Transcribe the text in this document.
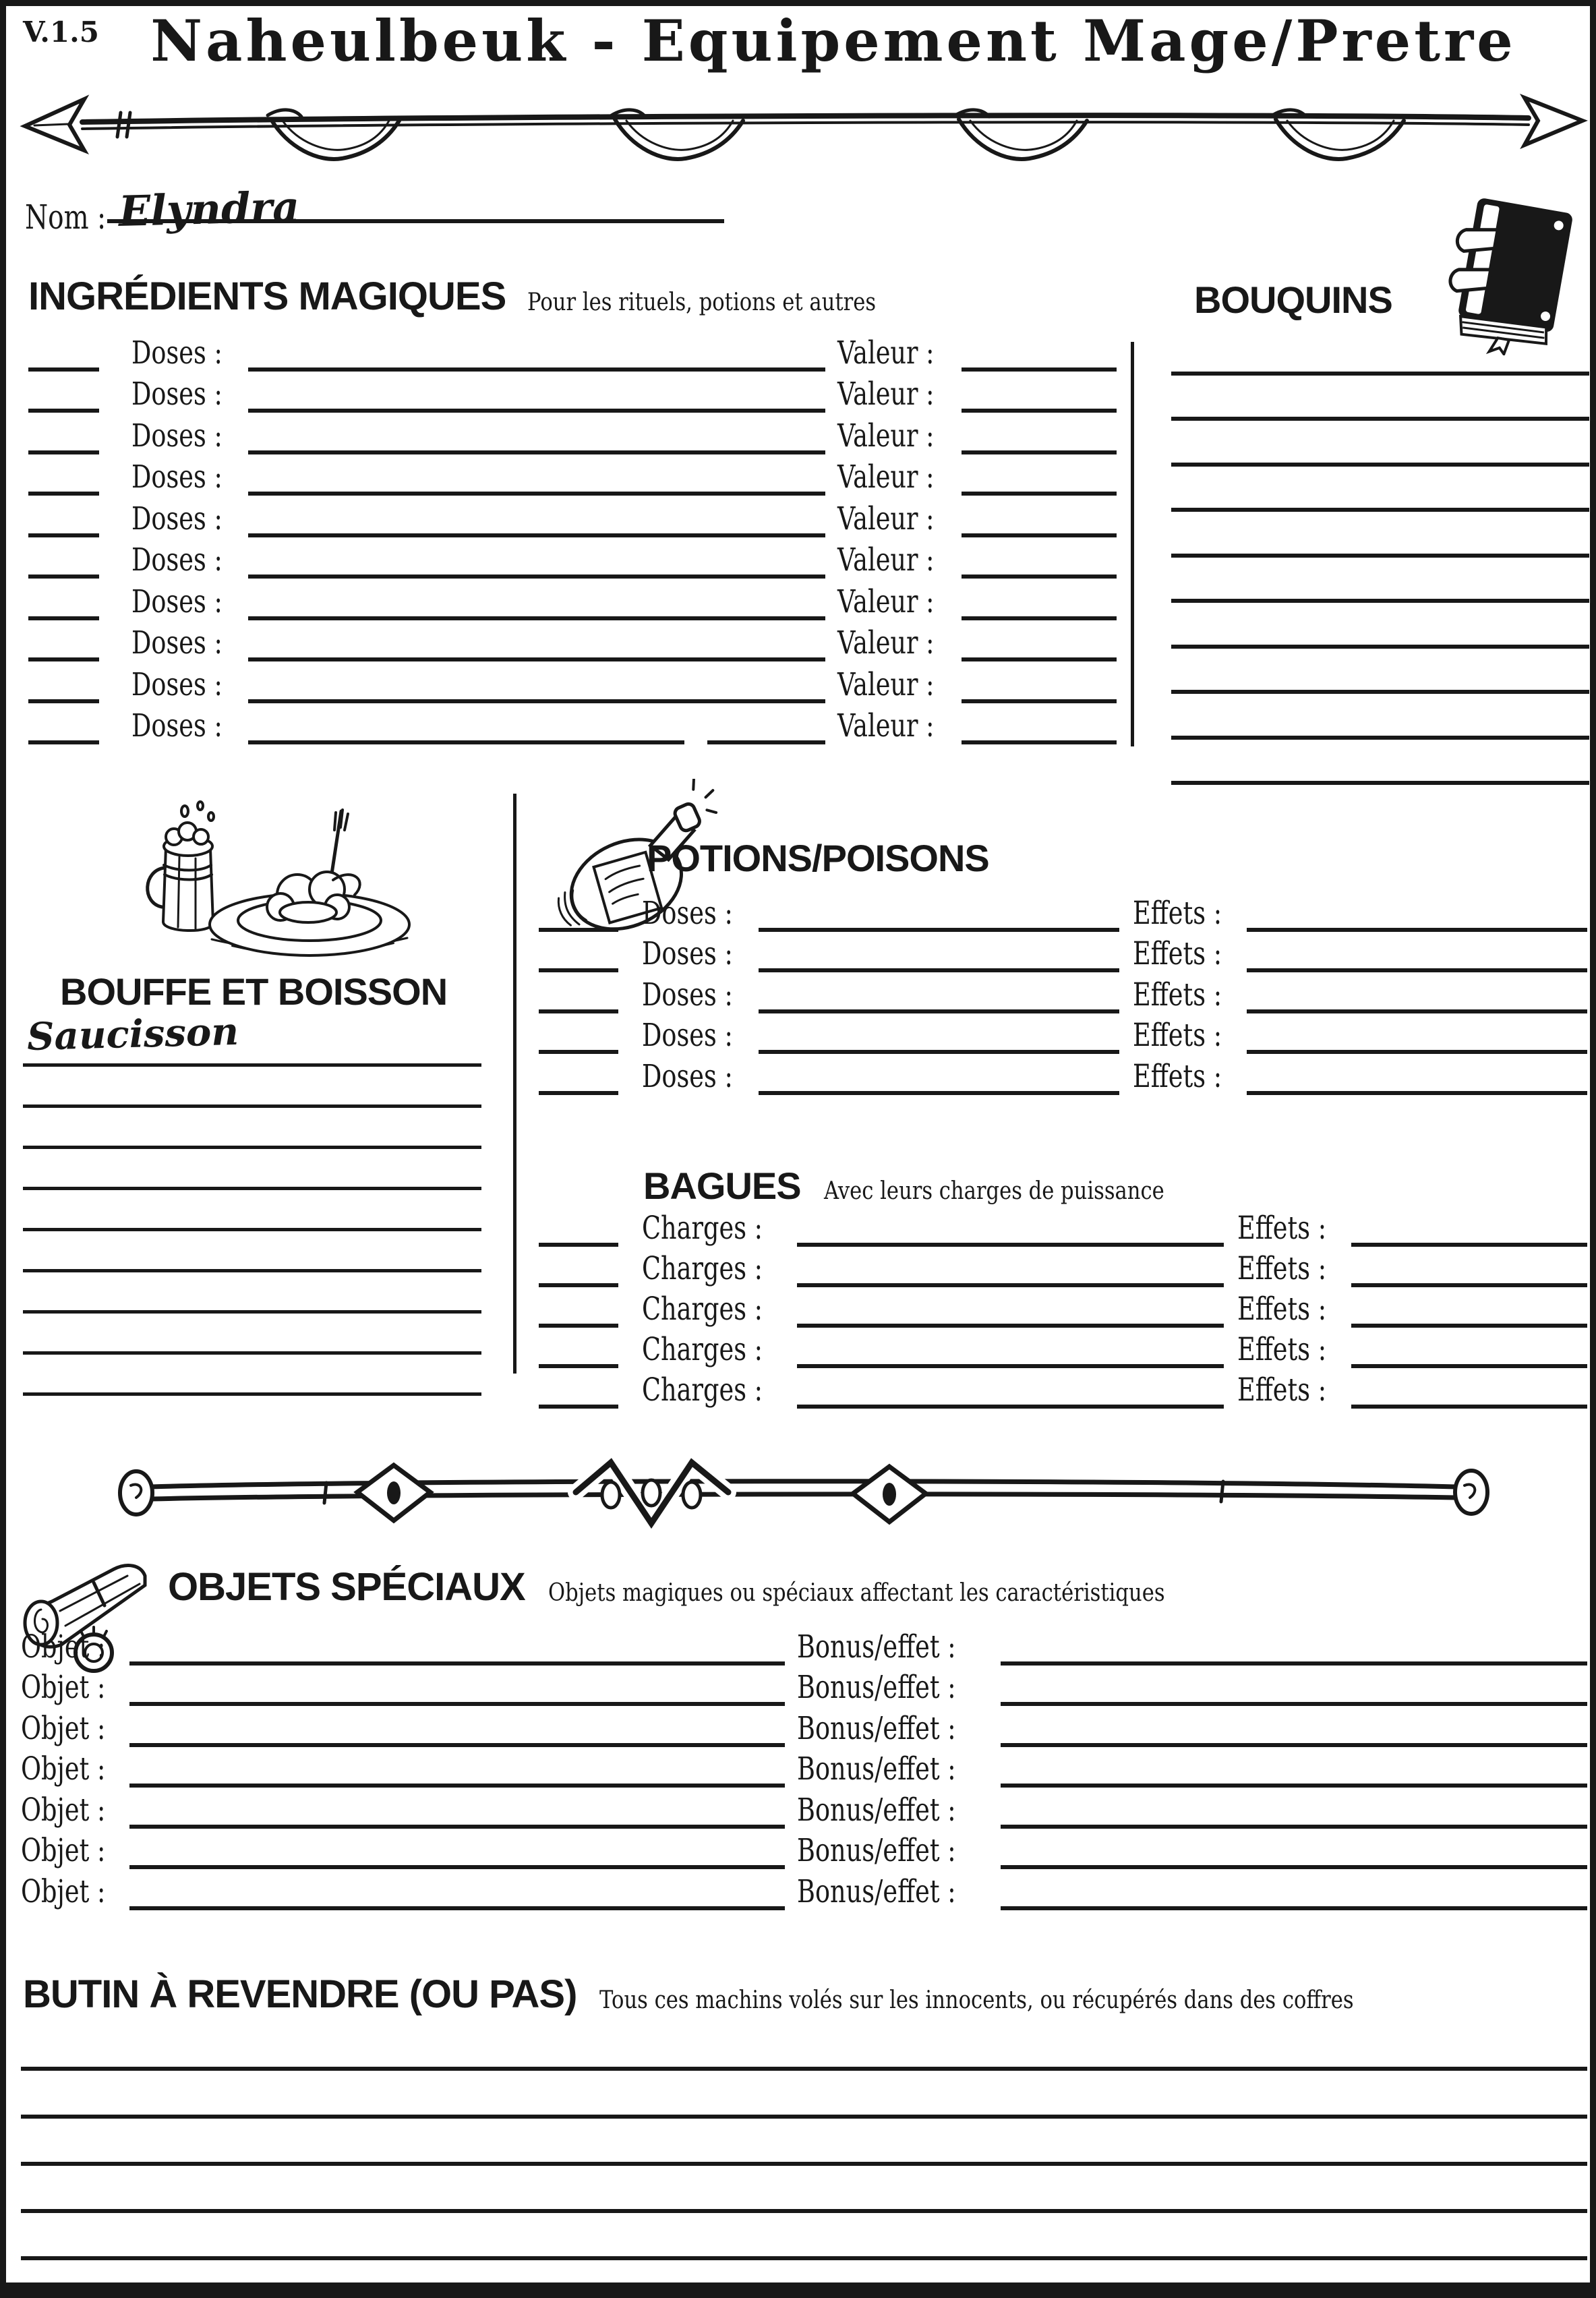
V.1.5 Naheulbeuk - Equipement Mage/Pretre
Nom : Elyndra
INGRÉDIENTS MAGIQUES Pour les rituels, potions et autres
Doses :	Valeur :
Doses :	Valeur :
Doses :	Valeur :
Doses :	Valeur :
Doses :	Valeur :
Doses :	Valeur :
Doses :	Valeur :
Doses :	Valeur :
Doses :	Valeur :
Doses :	Valeur :
BOUQUINS
BOUFFE ET BOISSON
Saucisson
POTIONS/POISONS
Doses :	Effets :
Doses :	Effets :
Doses :	Effets :
Doses :	Effets :
Doses :	Effets :
BAGUES Avec leurs charges de puissance
Charges :	Effets :
Charges :	Effets :
Charges :	Effets :
Charges :	Effets :
Charges :	Effets :
OBJETS SPÉCIAUX Objets magiques ou spéciaux affectant les caractéristiques
Objet :	Bonus/effet :
Objet :	Bonus/effet :
Objet :	Bonus/effet :
Objet :	Bonus/effet :
Objet :	Bonus/effet :
Objet :	Bonus/effet :
Objet :	Bonus/effet :
BUTIN À REVENDRE (OU PAS) Tous ces machins volés sur les innocents, ou récupérés dans des coffres
